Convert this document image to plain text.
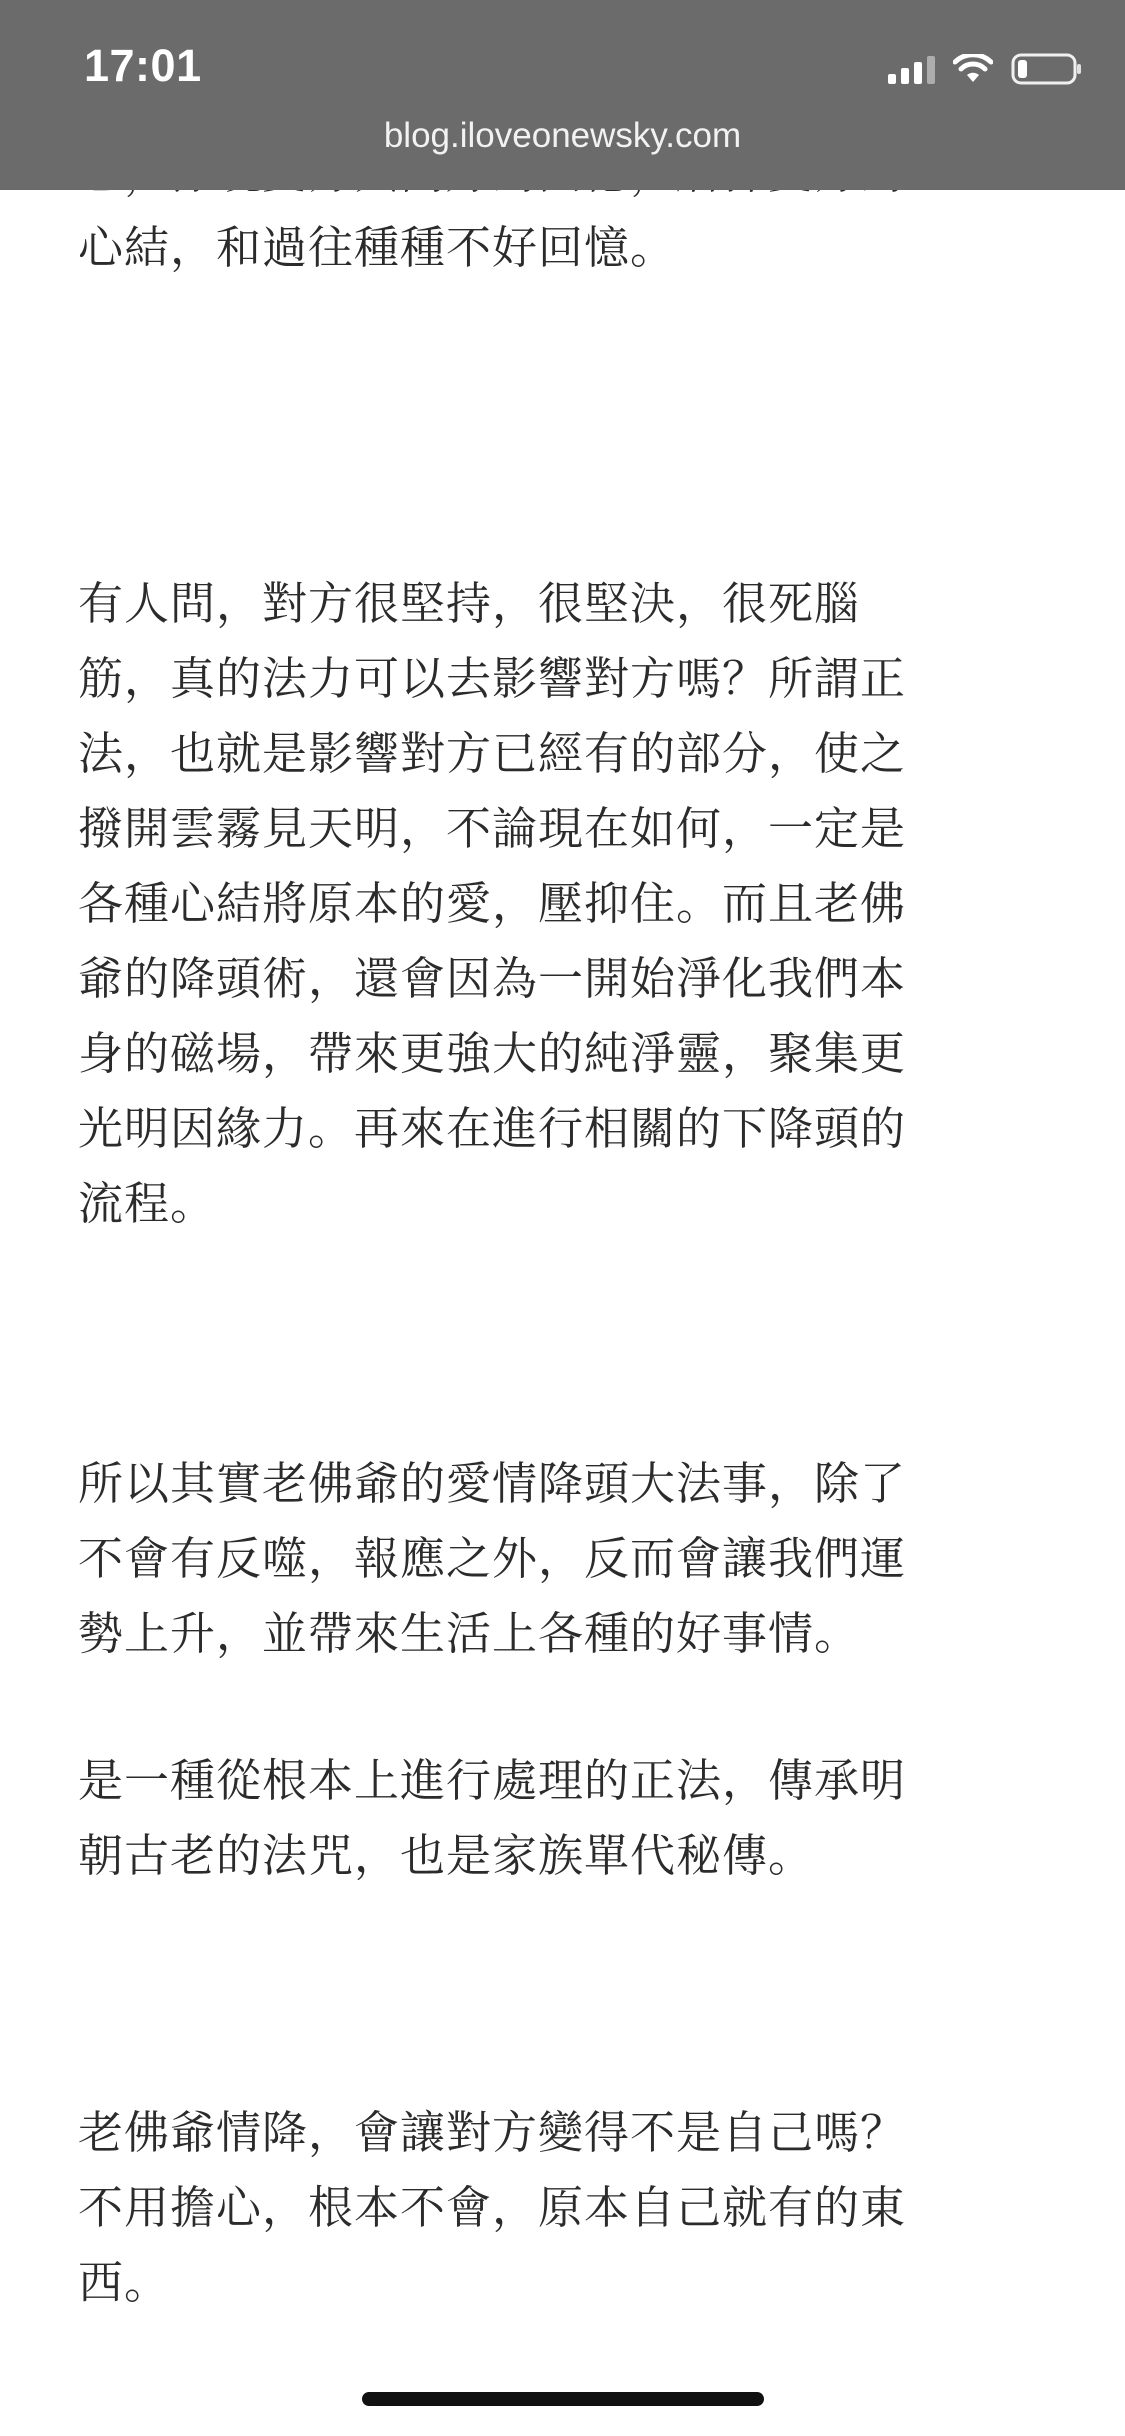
17:01
blog.iloveonewsky.com

心結，和過往種種不好回憶。

有人問，對方很堅持，很堅決，很死腦
筋，真的法力可以去影響對方嗎？所謂正
法，也就是影響對方已經有的部分，使之
撥開雲霧見天明，不論現在如何，一定是
各種心結將原本的愛，壓抑住。而且老佛
爺的降頭術，還會因為一開始淨化我們本
身的磁場，帶來更強大的純淨靈，聚集更
光明因緣力。再來在進行相關的下降頭的
流程。

所以其實老佛爺的愛情降頭大法事，除了
不會有反噬，報應之外，反而會讓我們運
勢上升，並帶來生活上各種的好事情。

是一種從根本上進行處理的正法，傳承明
朝古老的法咒，也是家族單代秘傳。

老佛爺情降，會讓對方變得不是自己嗎？
不用擔心，根本不會，原本自己就有的東
西。
